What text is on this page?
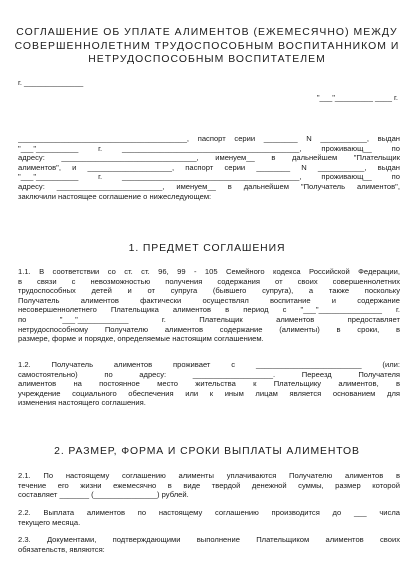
СОГЛАШЕНИЕ ОБ УПЛАТЕ АЛИМЕНТОВ (ЕЖЕМЕСЯЧНО) МЕЖДУ
СОВЕРШЕННОЛЕТНИМ ТРУДОСПОСОБНЫМ ВОСПИТАННИКОМ И
НЕТРУДОСПОСОБНЫМ ВОСПИТАТЕЛЕМ
г. ______________
"___"_________ ____ г.
________________________________________, паспорт серии ________ N ___________, выдан
"___"__________ г. __________________________________________, проживающ__ по
адресу: ________________________________, именуем__ в дальнейшем "Плательщик
алиментов", и ____________________, паспорт серии ________ N ___________, выдан
"___"__________ г. __________________________________________, проживающ__ по
адресу: _________________________, именуем__ в дальнейшем "Получатель алиментов",
заключили настоящее соглашение о нижеследующем:
1. ПРЕДМЕТ СОГЛАШЕНИЯ
1.1. В соответствии со ст. ст. 96, 99 - 105 Семейного кодекса Российской Федерации,
в связи с невозможностью получения содержания от своих совершеннолетних
трудоспособных детей и от супруга (бывшего супруга), а также поскольку
Получатель алиментов фактически осуществлял воспитание и содержание
несовершеннолетнего Плательщика алиментов в период с "___"_______________ г.
по "___"____________ г. Плательщик алиментов предоставляет
нетрудоспособному Получателю алиментов содержание (алименты) в сроки, в
размере, форме и порядке, определяемые настоящим соглашением.
1.2. Получатель алиментов проживает с _________________________ (или:
самостоятельно) по адресу: ___________________. Переезд Получателя
алиментов на постоянное место жительства к Плательщику алиментов, в
учреждение социального обеспечения или к иным лицам является основанием для
изменения настоящего соглашения.
2. РАЗМЕР, ФОРМА И СРОКИ ВЫПЛАТЫ АЛИМЕНТОВ
2.1. По настоящему соглашению алименты уплачиваются Получателю алиментов в
течение его жизни ежемесячно в виде твердой денежной суммы, размер которой
составляет _______ (_______________) рублей.
2.2. Выплата алиментов по настоящему соглашению производится до ___ числа
текущего месяца.
2.3. Документами, подтверждающими выполнение Плательщиком алиментов своих
обязательств, являются:
